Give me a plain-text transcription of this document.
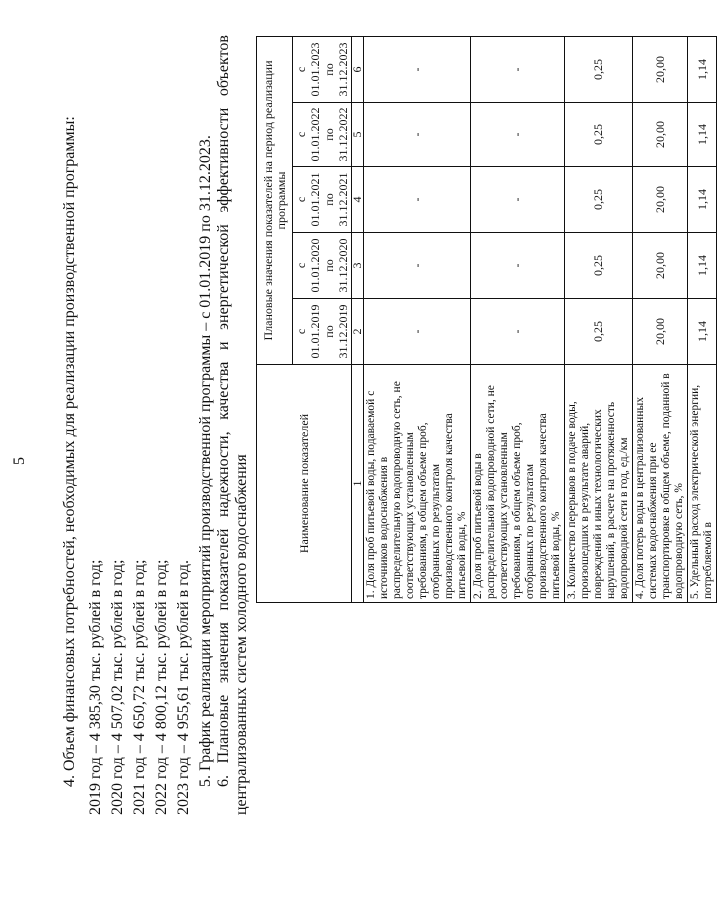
5 4. Объем финансовых потребностей, необходимых для реализации производственной программы: 2019 год – 4 385,30 тыс. рублей в год; 2020 год – 4 507,02 тыс. рублей в год; 2021 год – 4 650,72 тыс. рублей в год; 2022 год – 4 800,12 тыс. рублей в год; 2023 год – 4 955,61 тыс. рублей в год. 5. График реализации мероприятий производственной программы – с 01.01.2019 по 31.12.2023. 6.
Плановые
значения
показателей
надежности,
качества
и
энергетической
эффективности
объектов
централизованных систем холодного водоснабжения	Наименование показателей	Плановые значения показателей на период реализации программы				
	с 01.01.2019 по 31.12.2019	с 01.01.2020 по 31.12.2020	с 01.01.2021 по 31.12.2021	с 01.01.2022 по 31.12.2022	с 01.01.2023 по 31.12.2023
1	2	3	4	5	6
1. Доля проб питьевой воды, подаваемой с источников водоснабжения в распределительную водопроводную сеть, не соответствующих установленным требованиям, в общем объеме проб, отобранных по результатам производственного контроля качества питьевой воды, %	-	-	-	-	-
2. Доля проб питьевой воды в распределительной водопроводной сети, не соответствующих установленным требованиям, в общем объеме проб, отобранных по результатам производственного контроля качества питьевой воды, %	-	-	-	-	-
3. Количество перерывов в подаче воды, произошедших в результате аварий, повреждений и иных технологических нарушений, в расчете на протяженность водопроводной сети в год, ед./км	0,25	0,25	0,25	0,25	0,25
4. Доля потерь воды в централизованных системах водоснабжения при ее транспортировке в общем объеме, поданной в водопроводную сеть, %	20,00	20,00	20,00	20,00	20,00
5. Удельный расход электрической энергии, потребляемой в	1,14	1,14	1,14	1,14	1,14
